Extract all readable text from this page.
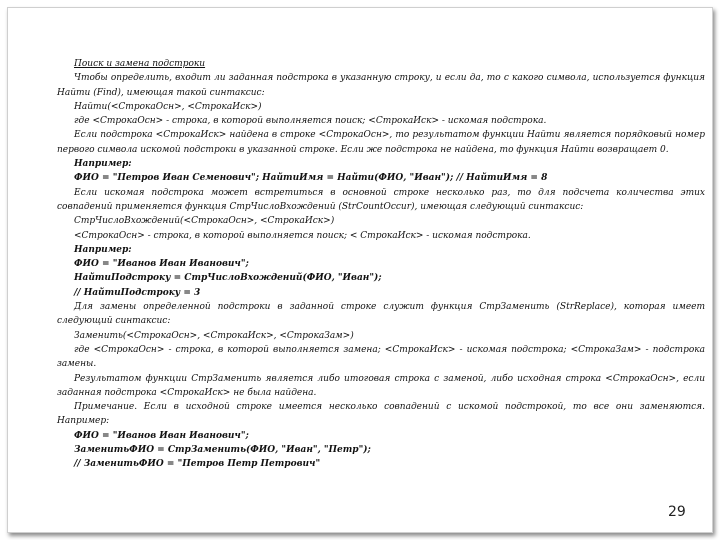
Поиск и замена подстроки

Чтобы определить, входит ли заданная подстрока в указанную строку, и если да, то с какого символа, используется функция Найти (Find), имеющая такой синтаксис:

Найти(<СтрокаОсн>, <СтрокаИск>)

где <СтрокаОсн> - строка, в которой выполняется поиск; <СтрокаИск> - искомая подстрока.

Если подстрока <СтрокаИск> найдена в строке <СтрокаОсн>, то результатом функции Найти является порядковый номер первого символа искомой подстроки в указанной строке. Если же подстрока не найдена, то функция Найти возвращает 0.

Например:

ФИО = "Петров Иван Семенович"; НайтиИмя = Найти(ФИО, "Иван"); // НайтиИмя = 8

Если искомая подстрока может встретиться в основной строке несколько раз, то для подсчета количества этих совпадений применяется функция СтрЧислоВхождений (StrCountOccur), имеющая следующий синтаксис:

СтрЧислоВхождений(<СтрокаОсн>, <СтрокаИск>)

<СтрокаОсн> - строка, в которой выполняется поиск; < СтрокаИск> - искомая подстрока.

Например:

ФИО = "Иванов Иван Иванович";

НайтиПодстроку = СтрЧислоВхождений(ФИО, "Иван");

// НайтиПодстроку = 3

Для замены определенной подстроки в заданной строке служит функция СтрЗаменить (StrReplace), которая имеет следующий синтаксис:

Заменить(<СтрокаОсн>, <СтрокаИск>, <СтрокаЗам>)

где <СтрокаОсн> - строка, в которой выполняется замена; <СтрокаИск> - искомая подстрока; <СтрокаЗам> - подстрока замены.

Результатом функции СтрЗаменить является либо итоговая строка с заменой, либо исходная строка <СтрокаОсн>, если заданная подстрока <СтрокаИск> не была найдена.

Примечание. Если в исходной строке имеется несколько совпадений с искомой подстрокой, то все они заменяются. Например:

ФИО = "Иванов Иван Иванович";

ЗаменитьФИО = СтрЗаменить(ФИО, "Иван", "Петр");

// ЗаменитьФИО = "Петров Петр Петрович"

29
